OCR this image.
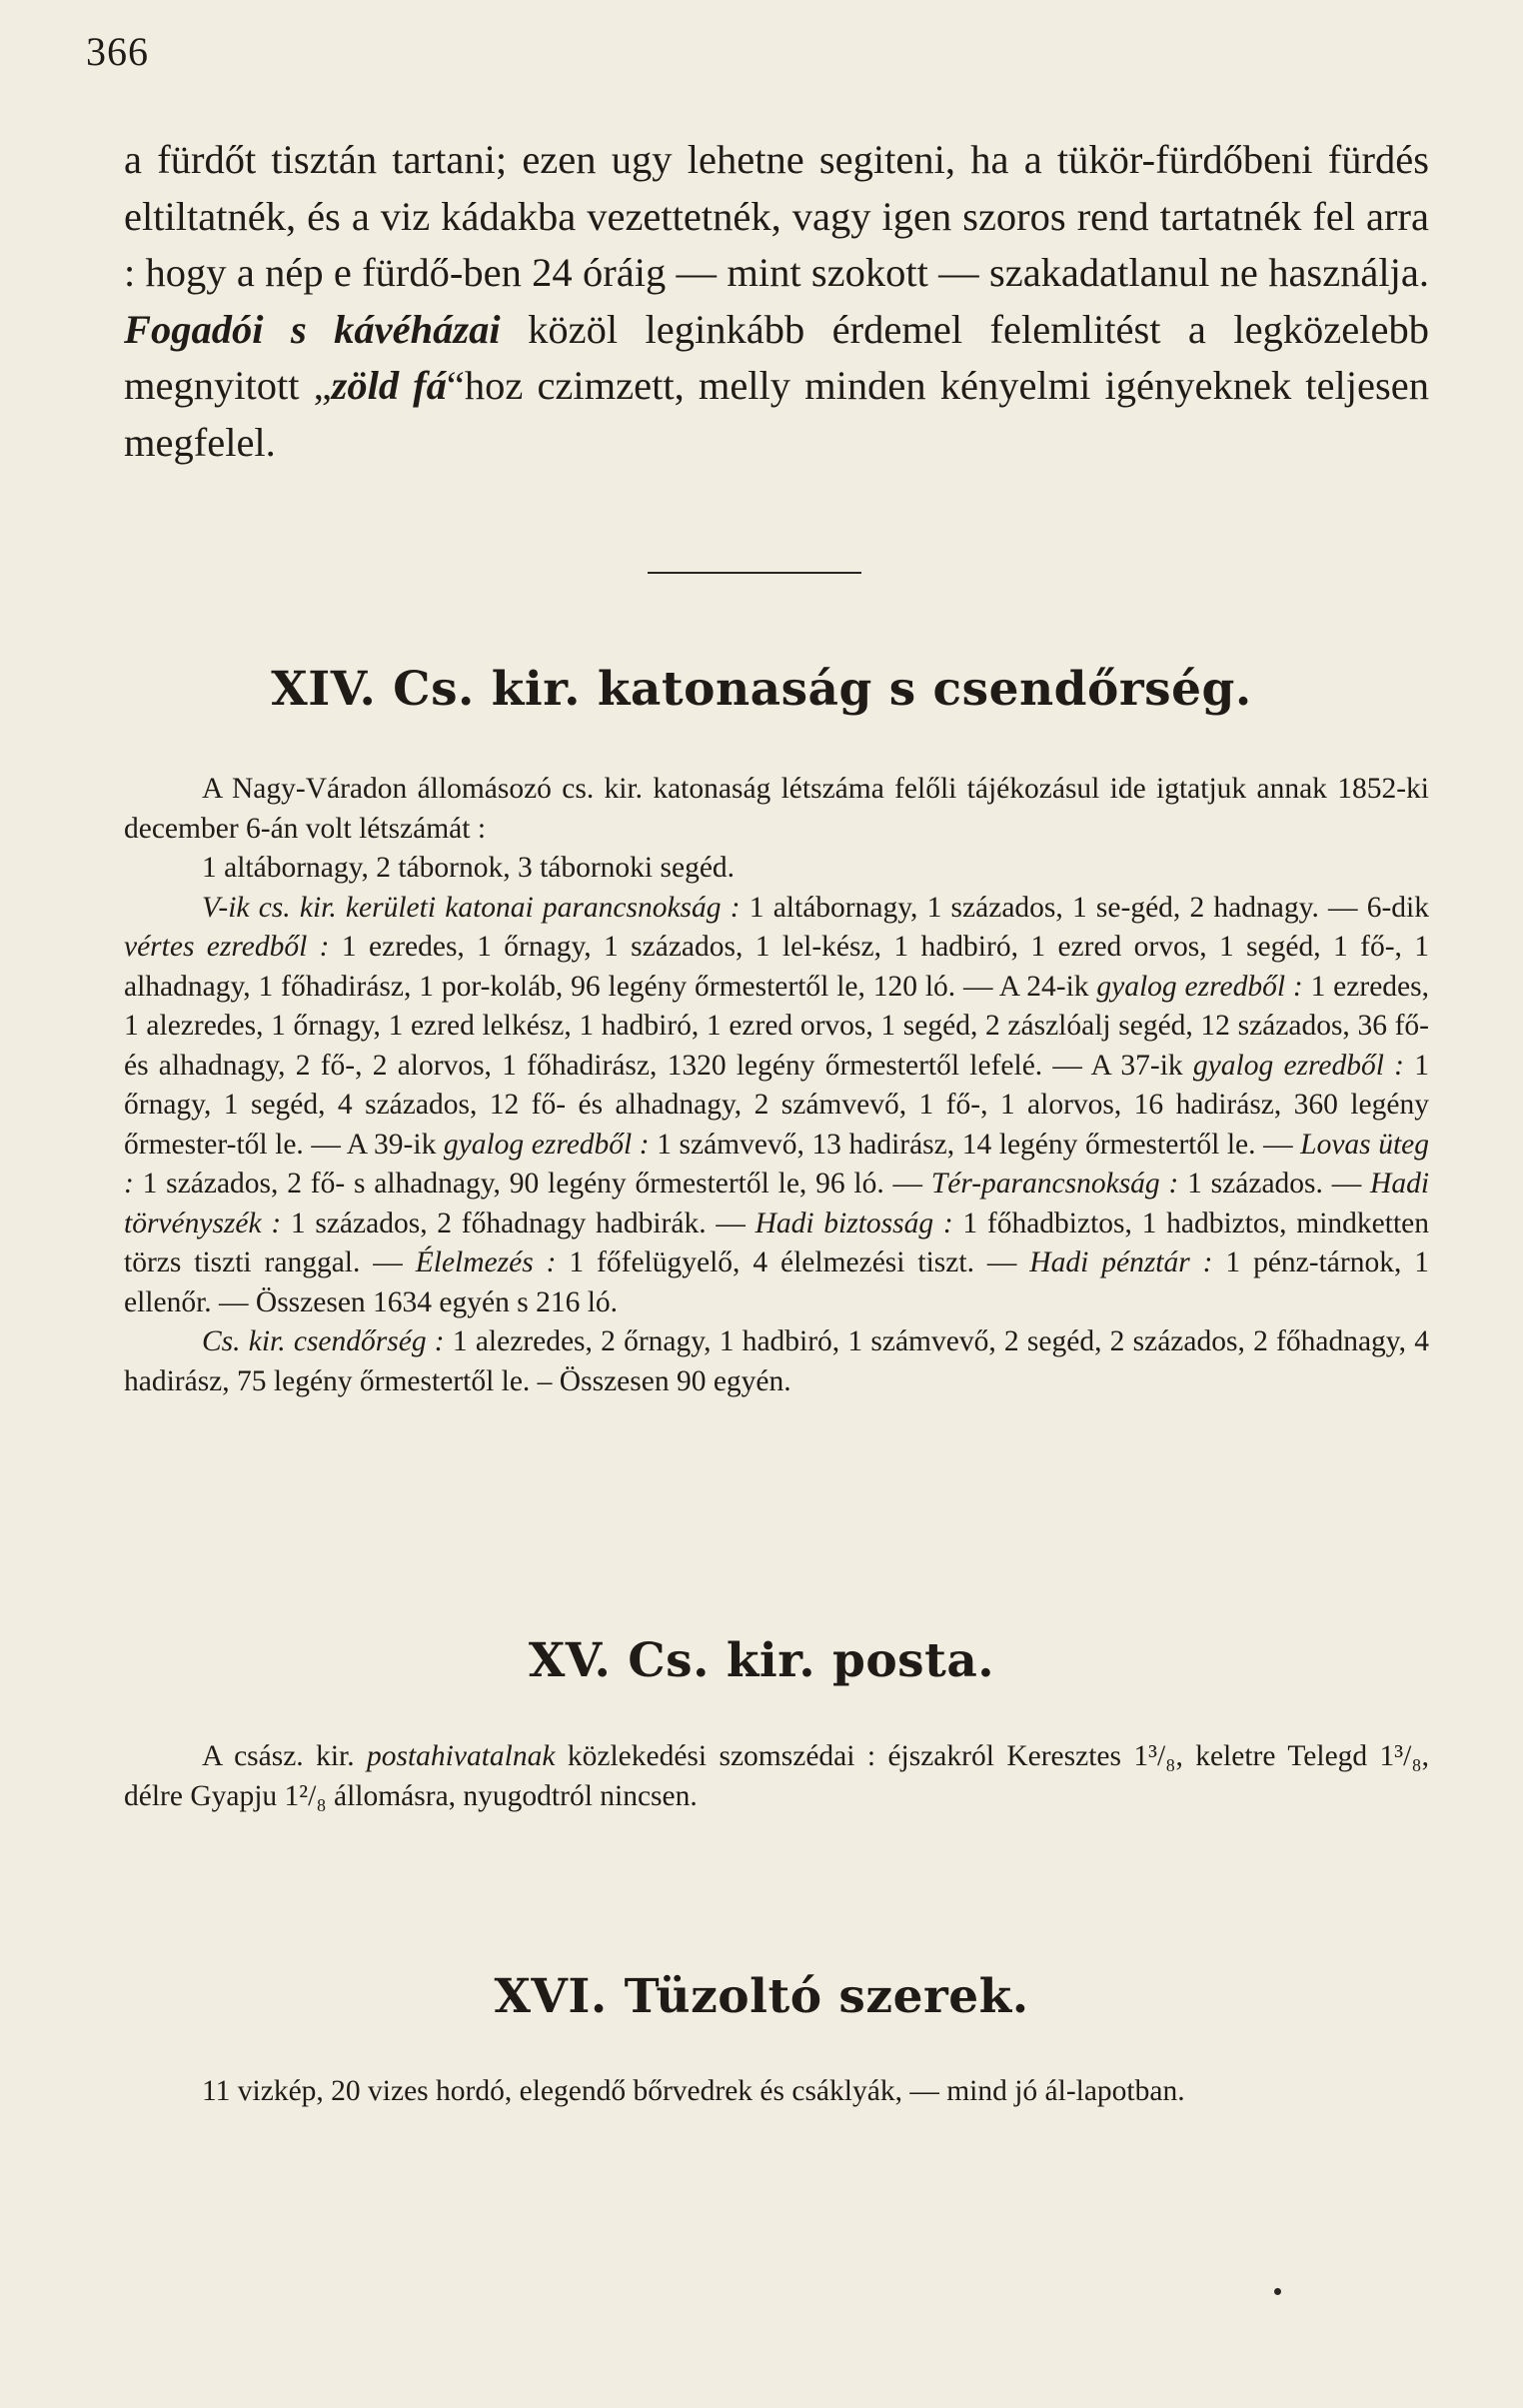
366

a fürdőt tisztán tartani; ezen ugy lehetne segiteni, ha a tükör-fürdőbeni fürdés eltiltatnék, és a viz kádakba vezettetnék, vagy igen szoros rend tartatnék fel arra : hogy a nép e fürdő-ben 24 óráig — mint szokott — szakadatlanul ne használja. Fogadói s kávéházai közöl leginkább érdemel felemlitést a legközelebb megnyitott „zöld fá“hoz czimzett, melly minden kényelmi igényeknek teljesen megfelel.

XIV. Cs. kir. katonaság s csendőrség.

A Nagy-Váradon állomásozó cs. kir. katonaság létszáma felőli tájékozásul ide igtatjuk annak 1852-ki december 6-án volt létszámát :

1 altábornagy, 2 tábornok, 3 tábornoki segéd.

V-ik cs. kir. kerületi katonai parancsnokság : 1 altábornagy, 1 százados, 1 se-géd, 2 hadnagy. — 6-dik vértes ezredből : 1 ezredes, 1 őrnagy, 1 százados, 1 lel-kész, 1 hadbiró, 1 ezred orvos, 1 segéd, 1 fő-, 1 alhadnagy, 1 főhadirász, 1 por-koláb, 96 legény őrmestertől le, 120 ló. — A 24-ik gyalog ezredből : 1 ezredes, 1 alezredes, 1 őrnagy, 1 ezred lelkész, 1 hadbiró, 1 ezred orvos, 1 segéd, 2 zászlóalj segéd, 12 százados, 36 fő- és alhadnagy, 2 fő-, 2 alorvos, 1 főhadirász, 1320 legény őrmestertől lefelé. — A 37-ik gyalog ezredből : 1 őrnagy, 1 segéd, 4 százados, 12 fő- és alhadnagy, 2 számvevő, 1 fő-, 1 alorvos, 16 hadirász, 360 legény őrmester-től le. — A 39-ik gyalog ezredből : 1 számvevő, 13 hadirász, 14 legény őrmestertől le. — Lovas üteg : 1 százados, 2 fő- s alhadnagy, 90 legény őrmestertől le, 96 ló. — Tér-parancsnokság : 1 százados. — Hadi törvényszék : 1 százados, 2 főhadnagy hadbirák. — Hadi biztosság : 1 főhadbiztos, 1 hadbiztos, mindketten törzs tiszti ranggal. — Élelmezés : 1 főfelügyelő, 4 élelmezési tiszt. — Hadi pénztár : 1 pénz-tárnok, 1 ellenőr. — Összesen 1634 egyén s 216 ló.

Cs. kir. csendőrség : 1 alezredes, 2 őrnagy, 1 hadbiró, 1 számvevő, 2 segéd, 2 százados, 2 főhadnagy, 4 hadirász, 75 legény őrmestertől le. – Összesen 90 egyén.

XV. Cs. kir. posta.

A csász. kir. postahivatalnak közlekedési szomszédai : éjszakról Keresztes 1³/₈, keletre Telegd 1³/₈, délre Gyapju 1²/₈ állomásra, nyugodtról nincsen.

XVI. Tüzoltó szerek.

11 vizkép, 20 vizes hordó, elegendő bőrvedrek és csáklyák, — mind jó ál-lapotban.
